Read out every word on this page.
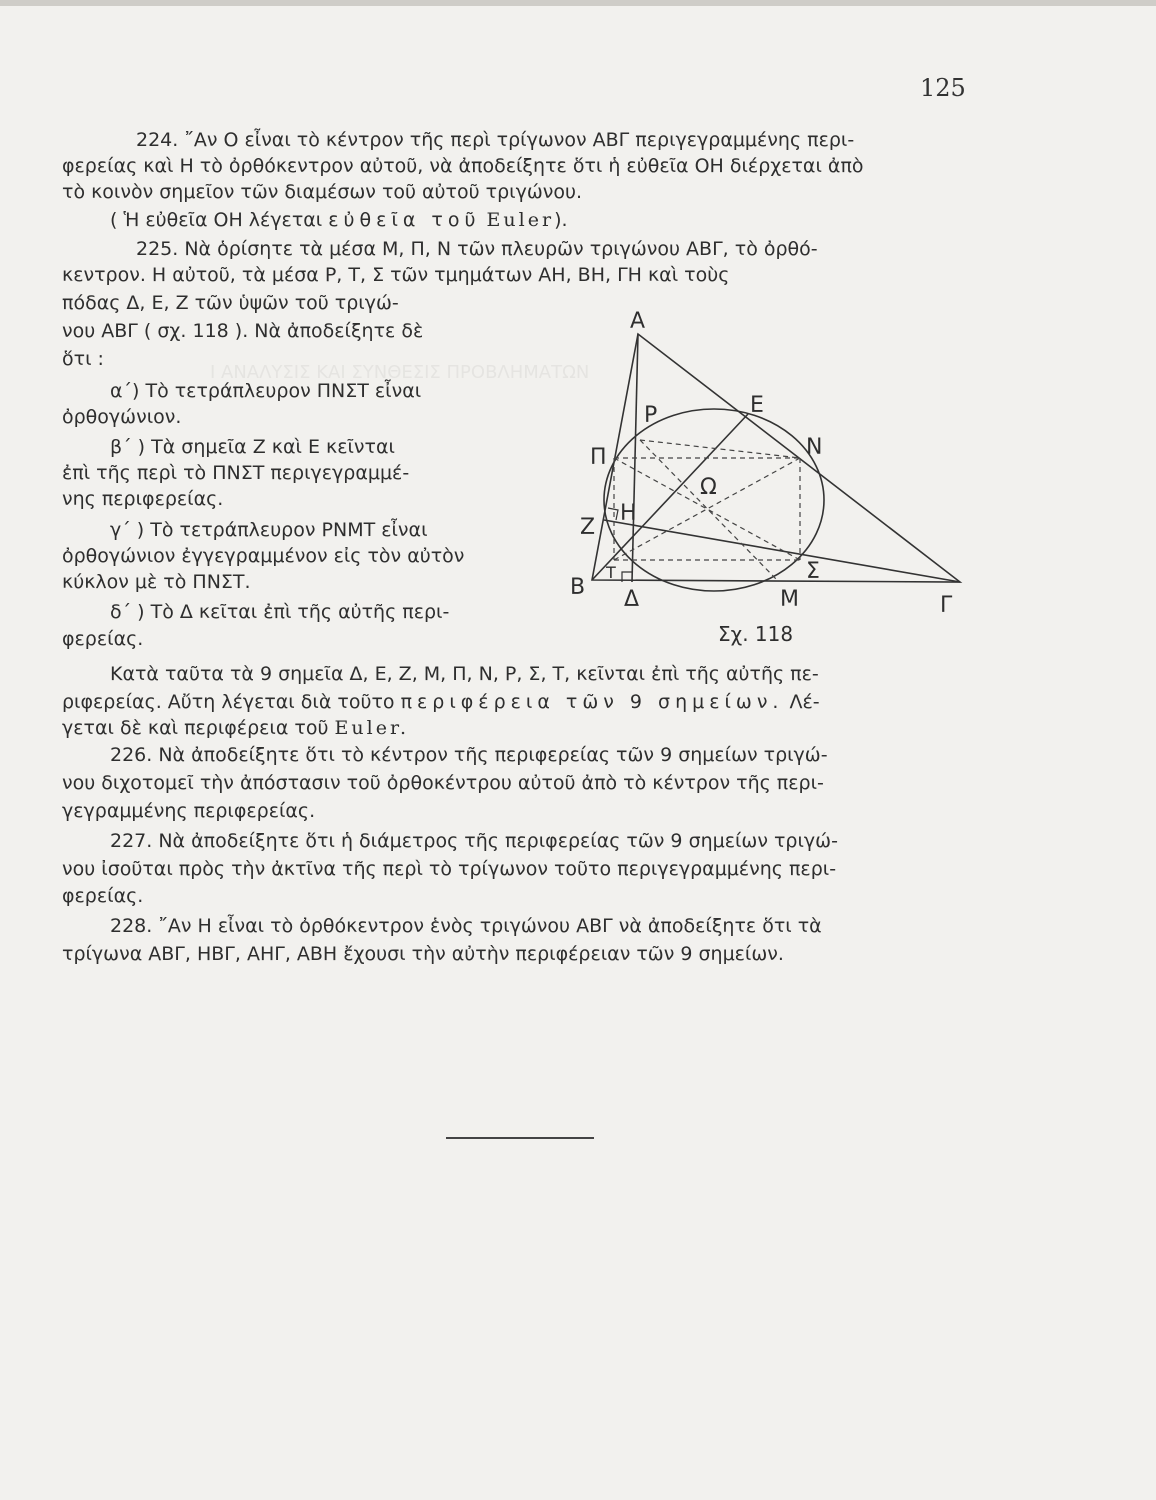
Ι ΑΝΑΛΥΣΙΣ ΚΑΙ ΣΥΝΘΕΣΙΣ ΠΡΟΒΛΗΜΑΤΩΝ
125
224. ῎Αν Ο εἶναι τὸ κέντρον τῆς περὶ τρίγωνον ΑΒΓ περιγεγραμμένης περι-
φερείας καὶ Η τὸ ὀρθόκεντρον αὐτοῦ, νὰ ἀποδείξητε ὅτι ἡ εὐθεῖα ΟΗ διέρχεται ἀπὸ
τὸ κοινὸν σημεῖον τῶν διαμέσων τοῦ αὐτοῦ τριγώνου.
( Ἡ εὐθεῖα ΟΗ λέγεται εὐθεῖα τοῦ Euler).
225. Νὰ ὁρίσητε τὰ μέσα Μ, Π, Ν τῶν πλευρῶν τριγώνου ΑΒΓ, τὸ ὀρθό-
κεντρον. Η αὐτοῦ, τὰ μέσα Ρ, Τ, Σ τῶν τμημάτων ΑΗ, ΒΗ, ΓΗ καὶ τοὺς
πόδας Δ, Ε, Ζ τῶν ὑψῶν τοῦ τριγώ-
νου ΑΒΓ ( σχ. 118 ). Νὰ ἀποδείξητε δὲ
ὅτι :
α΄) Τὸ τετράπλευρον ΠΝΣΤ εἶναι
ὀρθογώνιον.
β΄ ) Τὰ σημεῖα Ζ καὶ Ε κεῖνται
ἐπὶ τῆς περὶ τὸ ΠΝΣΤ περιγεγραμμέ-
νης περιφερείας.
γ΄ ) Τὸ τετράπλευρον ΡΝΜΤ εἶναι
ὀρθογώνιον ἐγγεγραμμένον εἰς τὸν αὐτὸν
κύκλον μὲ τὸ ΠΝΣΤ.
δ΄ ) Τὸ Δ κεῖται ἐπὶ τῆς αὐτῆς περι-
φερείας.
Κατὰ ταῦτα τὰ 9 σημεῖα Δ, Ε, Ζ, Μ, Π, Ν, Ρ, Σ, Τ, κεῖνται ἐπὶ τῆς αὐτῆς πε-
ριφερείας. Αὔτη λέγεται διὰ τοῦτο περιφέρεια τῶν 9 σημείων. Λέ-
γεται δὲ καὶ περιφέρεια τοῦ Euler.
226. Νὰ ἀποδείξητε ὅτι τὸ κέντρον τῆς περιφερείας τῶν 9 σημείων τριγώ-
νου διχοτομεῖ τὴν ἀπόστασιν τοῦ ὀρθοκέντρου αὐτοῦ ἀπὸ τὸ κέντρον τῆς περι-
γεγραμμένης περιφερείας.
227. Νὰ ἀποδείξητε ὅτι ἡ διάμετρος τῆς περιφερείας τῶν 9 σημείων τριγώ-
νου ἰσοῦται πρὸς τὴν ἀκτῖνα τῆς περὶ τὸ τρίγωνον τοῦτο περιγεγραμμένης περι-
φερείας.
228. ῎Αν Η εἶναι τὸ ὀρθόκεντρον ἑνὸς τριγώνου ΑΒΓ νὰ ἀποδείξητε ὅτι τὰ
τρίγωνα ΑΒΓ, ΗΒΓ, ΑΗΓ, ΑΒΗ ἔχουσι τὴν αὐτὴν περιφέρειαν τῶν 9 σημείων.
Α
Β
Γ
Δ
Ε
Ζ
Η
Μ
Ν
Π
Ρ
Σ
Τ
Ω
Σχ. 118
